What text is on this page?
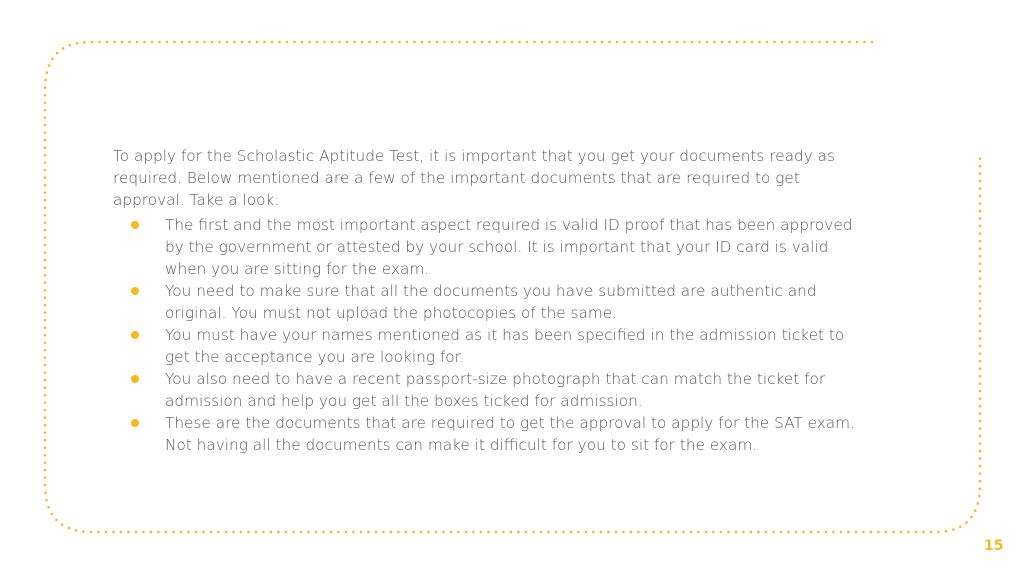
To apply for the Scholastic Aptitude Test, it is important that you get your documents ready as required. Below mentioned are a few of the important documents that are required to get approval. Take a look:

The first and the most important aspect required is valid ID proof that has been approved by the government or attested by your school. It is important that your ID card is valid when you are sitting for the exam.
You need to make sure that all the documents you have submitted are authentic and original. You must not upload the photocopies of the same.
You must have your names mentioned as it has been specified in the admission ticket to get the acceptance you are looking for.
You also need to have a recent passport-size photograph that can match the ticket for admission and help you get all the boxes ticked for admission.
These are the documents that are required to get the approval to apply for the SAT exam. Not having all the documents can make it difficult for you to sit for the exam.
15
